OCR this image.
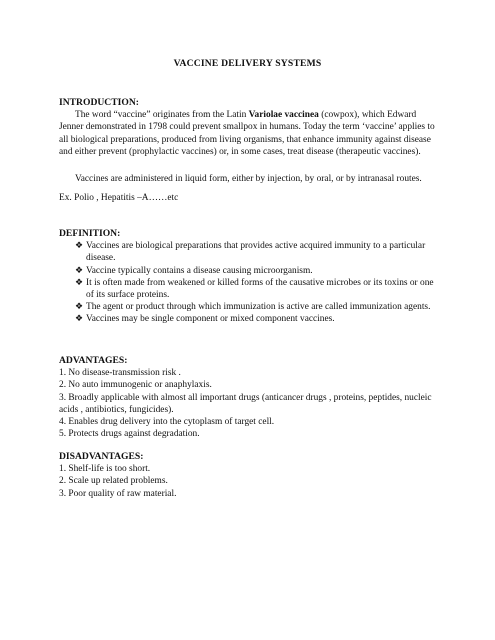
VACCINE DELIVERY SYSTEMS
INTRODUCTION:

The word “vaccine” originates from the Latin Variolae vaccinea (cowpox), which Edward Jenner demonstrated in 1798 could prevent smallpox in humans. Today the term ‘vaccine’ applies to all biological preparations, produced from living organisms, that enhance immunity against disease and either prevent (prophylactic vaccines) or, in some cases, treat disease (therapeutic vaccines).

Vaccines are administered in liquid form, either by injection, by oral, or by intranasal routes.

Ex. Polio , Hepatitis –A……etc

DEFINITION:
❖ Vaccines are biological preparations that provides active acquired immunity to a particular disease.
❖ Vaccine typically contains a disease causing microorganism.
❖ It is often made from weakened or killed forms of the causative microbes or its toxins or one of its surface proteins.
❖ The agent or product through which immunization is active are called immunization agents.
❖ Vaccines may be single component or mixed component vaccines.
ADVANTAGES:

1. No disease-transmission risk .

2. No auto immunogenic or anaphylaxis.

3. Broadly applicable with almost all important drugs (anticancer drugs , proteins, peptides, nucleic acids , antibiotics, fungicides).

4. Enables drug delivery into the cytoplasm of target cell.

5. Protects drugs against degradation.

DISADVANTAGES:

1. Shelf-life is too short.

2. Scale up related problems.

3. Poor quality of raw material.
